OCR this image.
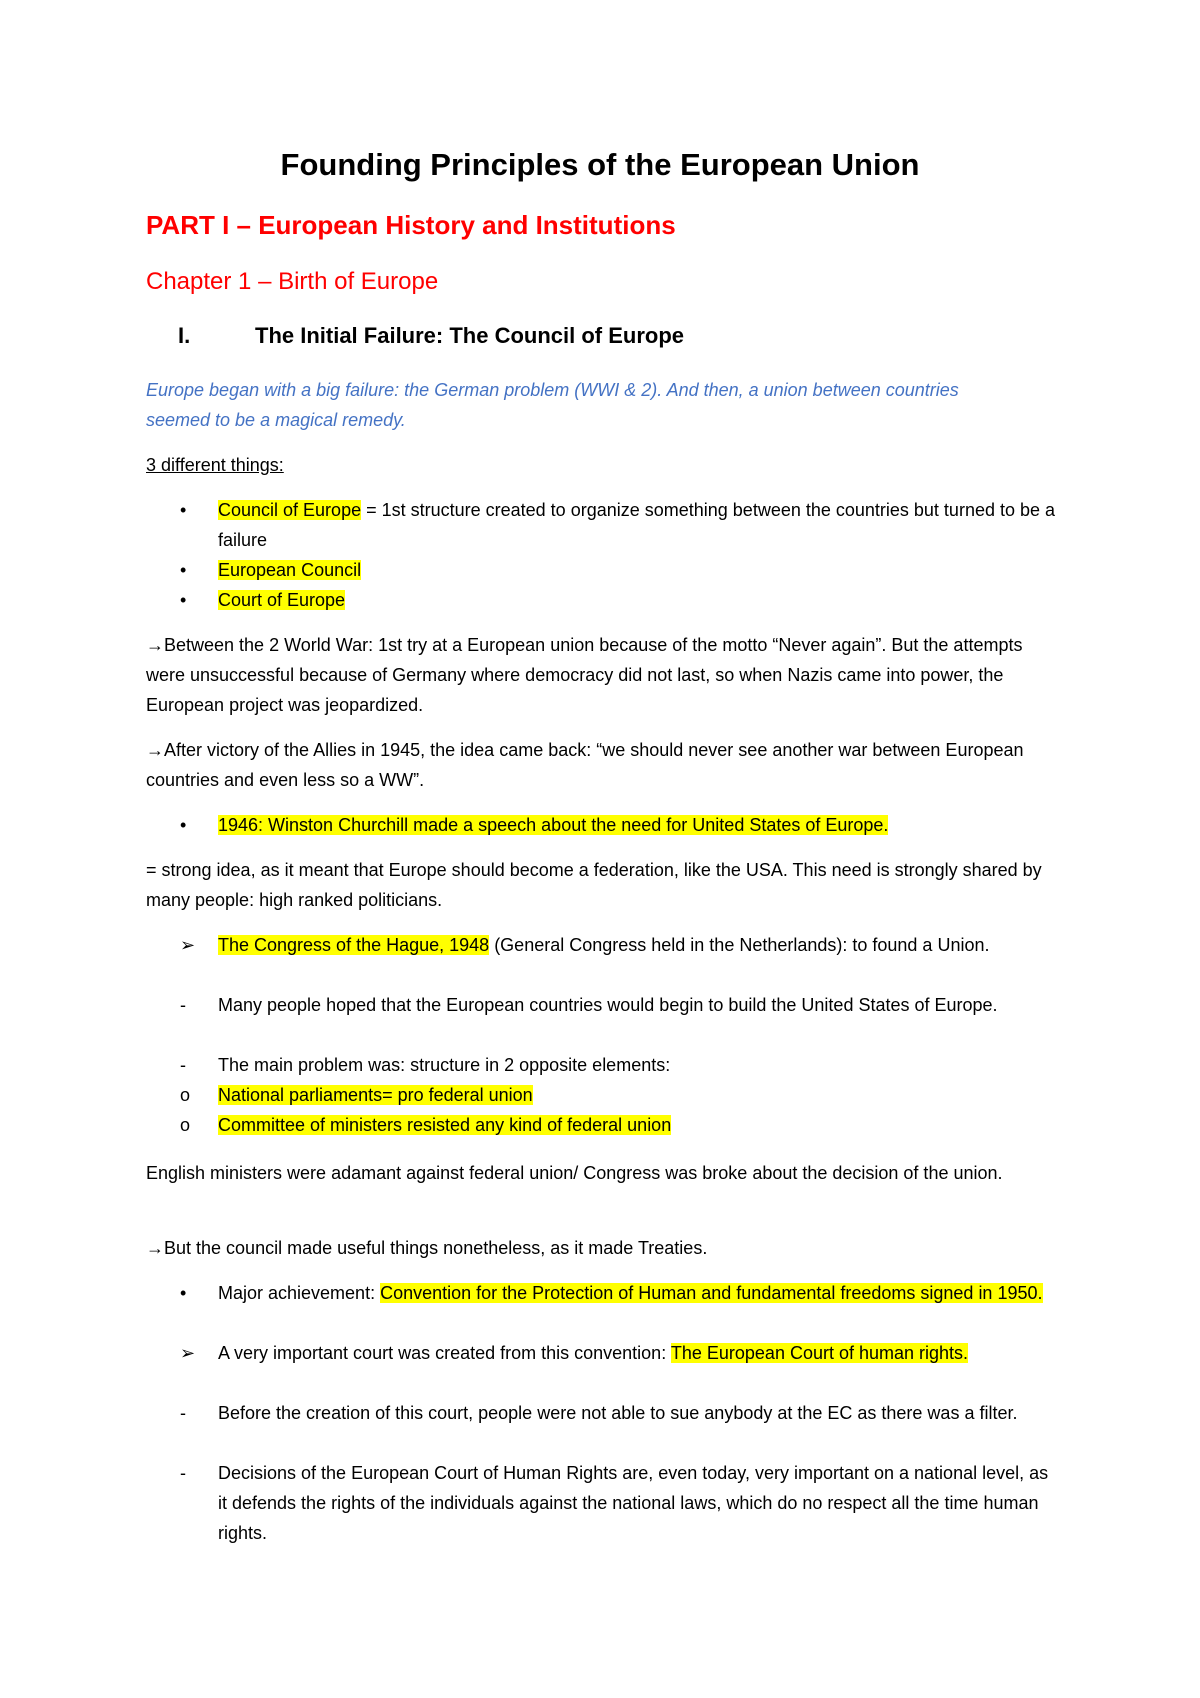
Founding Principles of the European Union
PART I – European History and Institutions
Chapter 1 – Birth of Europe
I.	The Initial Failure: The Council of Europe
Europe began with a big failure: the German problem (WWI & 2). And then, a union between countries seemed to be a magical remedy.
3 different things:
•	Council of Europe = 1st structure created to organize something between the countries but turned to be a failure
•	European Council
•	Court of Europe
→Between the 2 World War: 1st try at a European union because of the motto “Never again”. But the attempts were unsuccessful because of Germany where democracy did not last, so when Nazis came into power, the European project was jeopardized.
→After victory of the Allies in 1945, the idea came back: “we should never see another war between European countries and even less so a WW”.
•	1946: Winston Churchill made a speech about the need for United States of Europe.
= strong idea, as it meant that Europe should become a federation, like the USA. This need is strongly shared by many people: high ranked politicians.
➢	The Congress of the Hague, 1948 (General Congress held in the Netherlands): to found a Union.
-	Many people hoped that the European countries would begin to build the United States of Europe.
-	The main problem was: structure in 2 opposite elements:
o	National parliaments= pro federal union
o	Committee of ministers resisted any kind of federal union
English ministers were adamant against federal union/ Congress was broke about the decision of the union.
→But the council made useful things nonetheless, as it made Treaties.
•	Major achievement: Convention for the Protection of Human and fundamental freedoms signed in 1950.
➢	A very important court was created from this convention: The European Court of human rights.
-	Before the creation of this court, people were not able to sue anybody at the EC as there was a filter.
-	Decisions of the European Court of Human Rights are, even today, very important on a national level, as it defends the rights of the individuals against the national laws, which do no respect all the time human rights.
